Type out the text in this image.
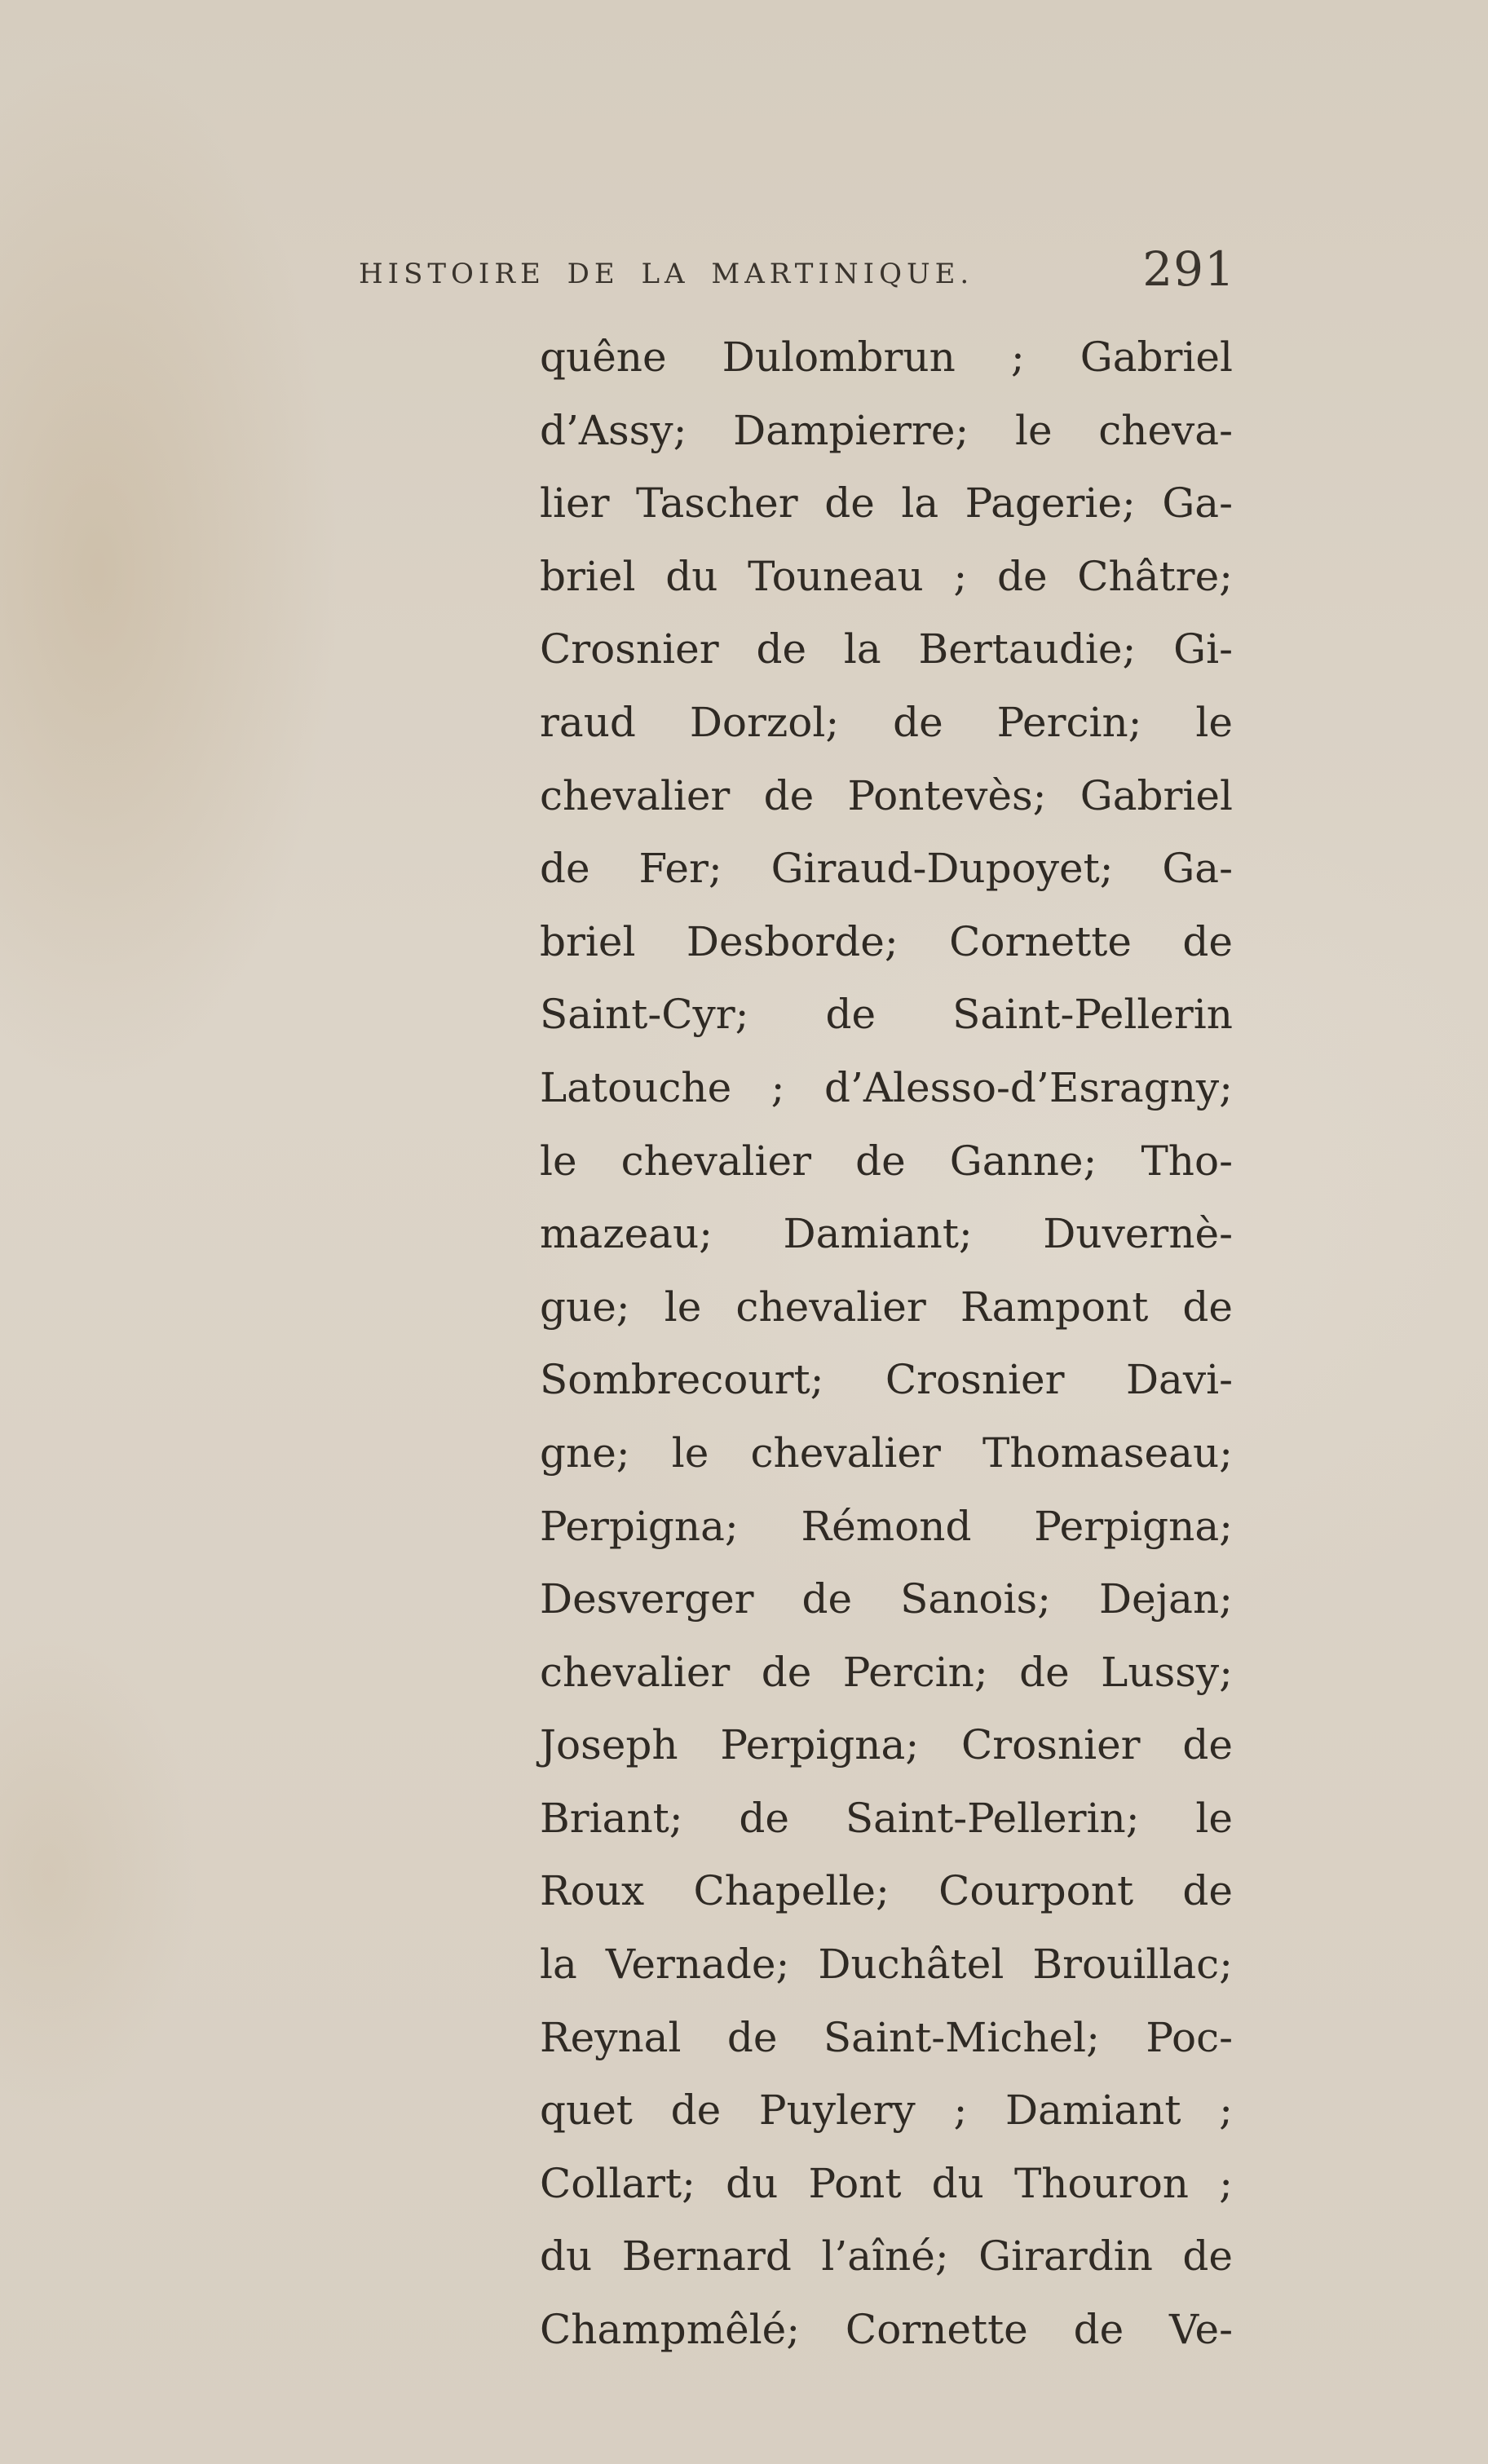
HISTOIRE DE LA MARTINIQUE.	291
quêne Dulombrun ; Gabriel
d’Assy; Dampierre; le cheva-
lier Tascher de la Pagerie; Ga-
briel du Touneau ; de Châtre;
Crosnier de la Bertaudie; Gi-
raud Dorzol; de Percin; le
chevalier de Pontevès; Gabriel
de Fer; Giraud-Dupoyet; Ga-
briel Desborde; Cornette de
Saint-Cyr; de Saint-Pellerin
Latouche ; d’Alesso-d’Esragny;
le chevalier de Ganne; Tho-
mazeau; Damiant; Duvernè-
gue; le chevalier Rampont de
Sombrecourt; Crosnier Davi-
gne; le chevalier Thomaseau;
Perpigna; Rémond Perpigna;
Desverger de Sanois; Dejan;
chevalier de Percin; de Lussy;
Joseph Perpigna; Crosnier de
Briant; de Saint-Pellerin; le
Roux Chapelle; Courpont de
la Vernade; Duchâtel Brouillac;
Reynal de Saint-Michel; Poc-
quet de Puylery ; Damiant ;
Collart; du Pont du Thouron ;
du Bernard l’aîné; Girardin de
Champmêlé; Cornette de Ve-
